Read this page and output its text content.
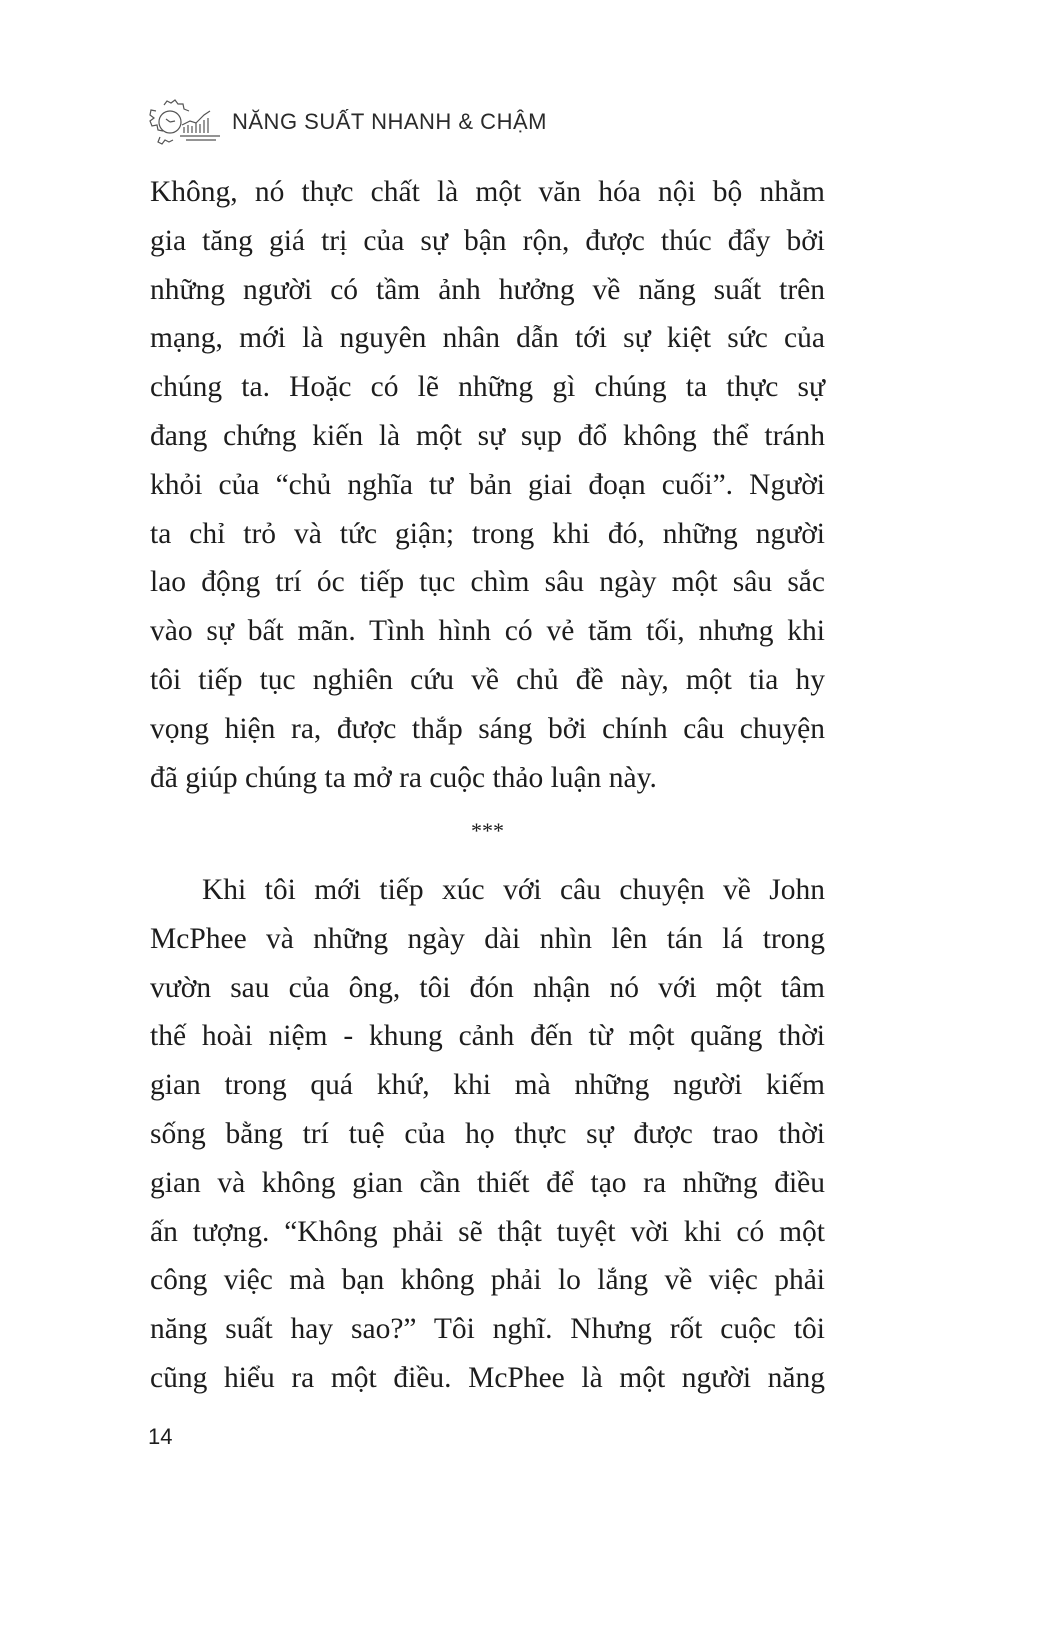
NĂNG SUẤT NHANH & CHẬM
Không, nó thực chất là một văn hóa nội bộ nhằm
gia tăng giá trị của sự bận rộn, được thúc đẩy bởi
những người có tầm ảnh hưởng về năng suất trên
mạng, mới là nguyên nhân dẫn tới sự kiệt sức của
chúng ta. Hoặc có lẽ những gì chúng ta thực sự
đang chứng kiến là một sự sụp đổ không thể tránh
khỏi của “chủ nghĩa tư bản giai đoạn cuối”. Người
ta chỉ trỏ và tức giận; trong khi đó, những người
lao động trí óc tiếp tục chìm sâu ngày một sâu sắc
vào sự bất mãn. Tình hình có vẻ tăm tối, nhưng khi
tôi tiếp tục nghiên cứu về chủ đề này, một tia hy
vọng hiện ra, được thắp sáng bởi chính câu chuyện
đã giúp chúng ta mở ra cuộc thảo luận này.
***
Khi tôi mới tiếp xúc với câu chuyện về John
McPhee và những ngày dài nhìn lên tán lá trong
vườn sau của ông, tôi đón nhận nó với một tâm
thế hoài niệm - khung cảnh đến từ một quãng thời
gian trong quá khứ, khi mà những người kiếm
sống bằng trí tuệ của họ thực sự được trao thời
gian và không gian cần thiết để tạo ra những điều
ấn tượng. “Không phải sẽ thật tuyệt vời khi có một
công việc mà bạn không phải lo lắng về việc phải
năng suất hay sao?” Tôi nghĩ. Nhưng rốt cuộc tôi
cũng hiểu ra một điều. McPhee là một người năng
14
